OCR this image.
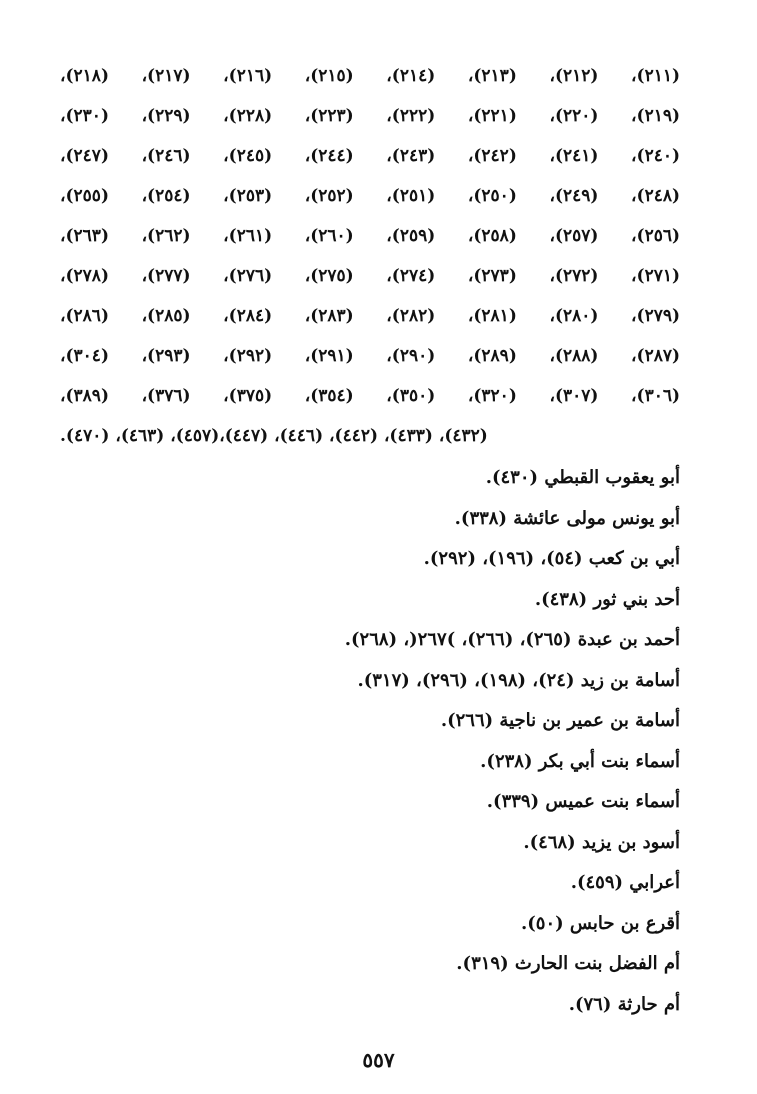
(٢١١)، (٢١٢)، (٢١٣)، (٢١٤)، (٢١٥)، (٢١٦)، (٢١٧)، (٢١٨)،
(٢١٩)، (٢٢٠)، (٢٢١)، (٢٢٢)، (٢٢٣)، (٢٢٨)، (٢٢٩)، (٢٣٠)،
(٢٤٠)، (٢٤١)، (٢٤٢)، (٢٤٣)، (٢٤٤)، (٢٤٥)، (٢٤٦)، (٢٤٧)،
(٢٤٨)، (٢٤٩)، (٢٥٠)، (٢٥١)، (٢٥٢)، (٢٥٣)، (٢٥٤)، (٢٥٥)،
(٢٥٦)، (٢٥٧)، (٢٥٨)، (٢٥٩)، (٢٦٠)، (٢٦١)، (٢٦٢)، (٢٦٣)،
(٢٧١)، (٢٧٢)، (٢٧٣)، (٢٧٤)، (٢٧٥)، (٢٧٦)، (٢٧٧)، (٢٧٨)،
(٢٧٩)، (٢٨٠)، (٢٨١)، (٢٨٢)، (٢٨٣)، (٢٨٤)، (٢٨٥)، (٢٨٦)،
(٢٨٧)، (٢٨٨)، (٢٨٩)، (٢٩٠)، (٢٩١)، (٢٩٢)، (٢٩٣)، (٣٠٤)،
(٣٠٦)، (٣٠٧)، (٣٢٠)، (٣٥٠)، (٣٥٤)، (٣٧٥)، (٣٧٦)، (٣٨٩)،
(٤٣٢)، (٤٣٣)، (٤٤٢)، (٤٤٦)، (٤٤٧)،(٤٥٧)، (٤٦٣)، (٤٧٠).
أبو يعقوب القبطي (٤٣٠).
أبو يونس مولى عائشة (٣٣٨).
أبي بن كعب (٥٤)، (١٩٦)، (٢٩٢).
أحد بني ثور (٤٣٨).
أحمد بن عبدة (٢٦٥)، (٢٦٦)، )٢٦٧(، (٢٦٨).
أسامة بن زيد (٢٤)، (١٩٨)، (٢٩٦)، (٣١٧).
أسامة بن عمير بن ناجية (٢٦٦).
أسماء بنت أبي بكر (٢٣٨).
أسماء بنت عميس (٣٣٩).
أسود بن يزيد (٤٦٨).
أعرابي (٤٥٩).
أقرع بن حابس (٥٠).
أم الفضل بنت الحارث (٣١٩).
أم حارثة (٧٦).
٥٥٧
